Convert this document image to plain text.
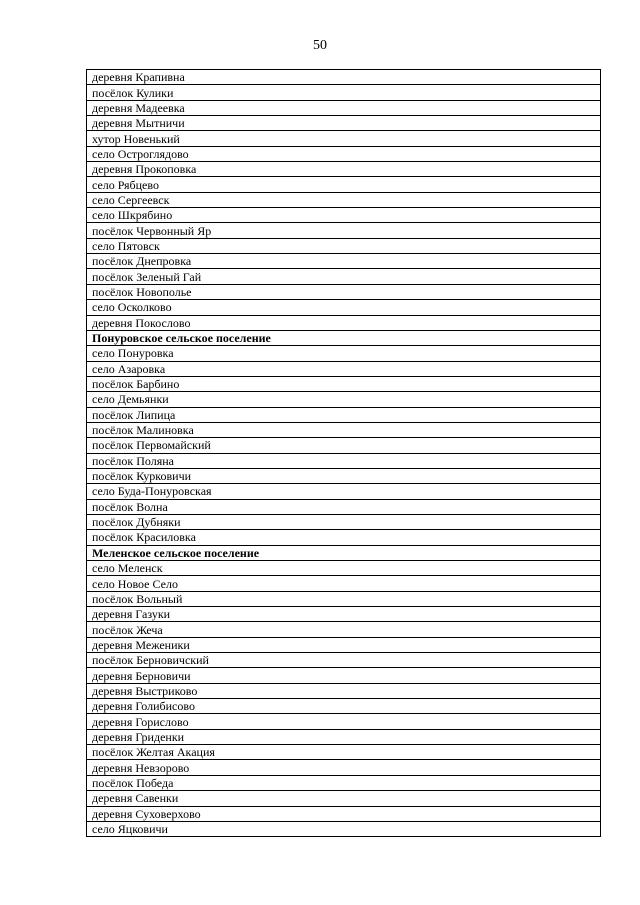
50
деревня Крапивна
посёлок Кулики
деревня Мадеевка
деревня Мытничи
хутор Новенький
село Остроглядово
деревня Прокоповка
село Рябцево
село Сергеевск
село Шкрябино
посёлок Червонный Яр
село Пятовск
посёлок Днепровка
посёлок Зеленый Гай
посёлок Новополье
село Осколково
деревня Покослово
Понуровское сельское поселение
село Понуровка
село Азаровка
посёлок Барбино
село Демьянки
посёлок Липица
посёлок Малиновка
посёлок Первомайский
посёлок Поляна
посёлок Курковичи
село Буда-Понуровская
посёлок Волна
посёлок Дубняки
посёлок Красиловка
Меленское сельское поселение
село Меленск
село Новое Село
посёлок Вольный
деревня Газуки
посёлок Жеча
деревня Меженики
посёлок Берновичский
деревня Берновичи
деревня Выстриково
деревня Голибисово
деревня Горислово
деревня Гриденки
посёлок Желтая Акация
деревня Невзорово
посёлок Победа
деревня Савенки
деревня Суховерхово
село Яцковичи
